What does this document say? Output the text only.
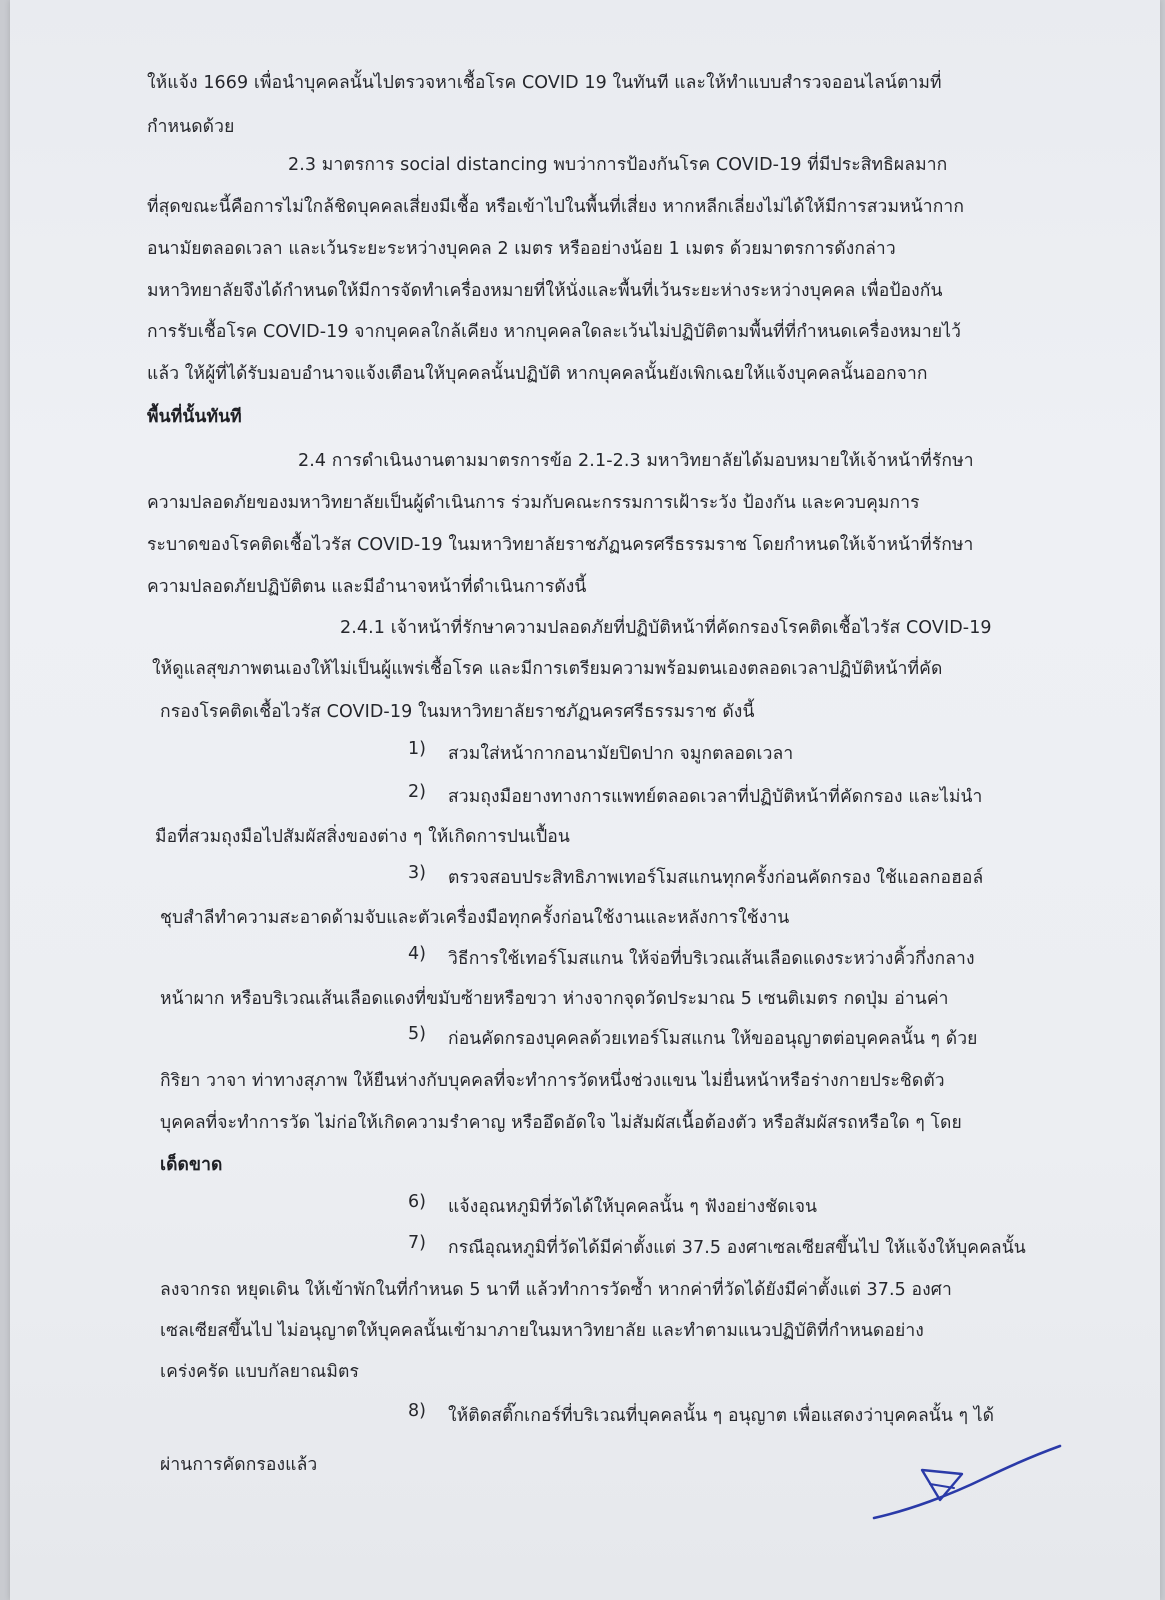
ให้แจ้ง 1669 เพื่อนำบุคคลนั้นไปตรวจหาเชื้อโรค COVID 19 ในทันที และให้ทำแบบสำรวจออนไลน์ตามที่

กำหนดด้วย

2.3 มาตรการ social distancing พบว่าการป้องกันโรค COVID-19 ที่มีประสิทธิผลมาก

ที่สุดขณะนี้คือการไม่ใกล้ชิดบุคคลเสี่ยงมีเชื้อ หรือเข้าไปในพื้นที่เสี่ยง หากหลีกเลี่ยงไม่ได้ให้มีการสวมหน้ากาก

อนามัยตลอดเวลา และเว้นระยะระหว่างบุคคล 2 เมตร หรืออย่างน้อย 1 เมตร ด้วยมาตรการดังกล่าว

มหาวิทยาลัยจึงได้กำหนดให้มีการจัดทำเครื่องหมายที่ให้นั่งและพื้นที่เว้นระยะห่างระหว่างบุคคล เพื่อป้องกัน

การรับเชื้อโรค COVID-19 จากบุคคลใกล้เคียง หากบุคคลใดละเว้นไม่ปฏิบัติตามพื้นที่ที่กำหนดเครื่องหมายไว้

แล้ว ให้ผู้ที่ได้รับมอบอำนาจแจ้งเตือนให้บุคคลนั้นปฏิบัติ หากบุคคลนั้นยังเพิกเฉยให้แจ้งบุคคลนั้นออกจาก

พื้นที่นั้นทันที

2.4 การดำเนินงานตามมาตรการข้อ 2.1-2.3 มหาวิทยาลัยได้มอบหมายให้เจ้าหน้าที่รักษา

ความปลอดภัยของมหาวิทยาลัยเป็นผู้ดำเนินการ ร่วมกับคณะกรรมการเฝ้าระวัง ป้องกัน และควบคุมการ

ระบาดของโรคติดเชื้อไวรัส COVID-19 ในมหาวิทยาลัยราชภัฏนครศรีธรรมราช โดยกำหนดให้เจ้าหน้าที่รักษา

ความปลอดภัยปฏิบัติตน และมีอำนาจหน้าที่ดำเนินการดังนี้

2.4.1 เจ้าหน้าที่รักษาความปลอดภัยที่ปฏิบัติหน้าที่คัดกรองโรคติดเชื้อไวรัส COVID-19

ให้ดูแลสุขภาพตนเองให้ไม่เป็นผู้แพร่เชื้อโรค และมีการเตรียมความพร้อมตนเองตลอดเวลาปฏิบัติหน้าที่คัด

กรองโรคติดเชื้อไวรัส COVID-19 ในมหาวิทยาลัยราชภัฏนครศรีธรรมราช ดังนี้

1) สวมใส่หน้ากากอนามัยปิดปาก จมูกตลอดเวลา

2) สวมถุงมือยางทางการแพทย์ตลอดเวลาที่ปฏิบัติหน้าที่คัดกรอง และไม่นำ

มือที่สวมถุงมือไปสัมผัสสิ่งของต่าง ๆ ให้เกิดการปนเปื้อน

3) ตรวจสอบประสิทธิภาพเทอร์โมสแกนทุกครั้งก่อนคัดกรอง ใช้แอลกอฮอล์

ชุบสำลีทำความสะอาดด้ามจับและตัวเครื่องมือทุกครั้งก่อนใช้งานและหลังการใช้งาน

4) วิธีการใช้เทอร์โมสแกน ให้จ่อที่บริเวณเส้นเลือดแดงระหว่างคิ้วกึ่งกลาง

หน้าผาก หรือบริเวณเส้นเลือดแดงที่ขมับซ้ายหรือขวา ห่างจากจุดวัดประมาณ 5 เซนติเมตร กดปุ่ม อ่านค่า

5) ก่อนคัดกรองบุคคลด้วยเทอร์โมสแกน ให้ขออนุญาตต่อบุคคลนั้น ๆ ด้วย

กิริยา วาจา ท่าทางสุภาพ ให้ยืนห่างกับบุคคลที่จะทำการวัดหนึ่งช่วงแขน ไม่ยื่นหน้าหรือร่างกายประชิดตัว

บุคคลที่จะทำการวัด ไม่ก่อให้เกิดความรำคาญ หรืออึดอัดใจ ไม่สัมผัสเนื้อต้องตัว หรือสัมผัสรถหรือใด ๆ โดย

เด็ดขาด

6) แจ้งอุณหภูมิที่วัดได้ให้บุคคลนั้น ๆ ฟังอย่างชัดเจน

7) กรณีอุณหภูมิที่วัดได้มีค่าตั้งแต่ 37.5 องศาเซลเซียสขึ้นไป ให้แจ้งให้บุคคลนั้น

ลงจากรถ หยุดเดิน ให้เข้าพักในที่กำหนด 5 นาที แล้วทำการวัดซ้ำ หากค่าที่วัดได้ยังมีค่าตั้งแต่ 37.5 องศา

เซลเซียสขึ้นไป ไม่อนุญาตให้บุคคลนั้นเข้ามาภายในมหาวิทยาลัย และทำตามแนวปฏิบัติที่กำหนดอย่าง

เคร่งครัด แบบกัลยาณมิตร

8) ให้ติดสติ๊กเกอร์ที่บริเวณที่บุคคลนั้น ๆ อนุญาต เพื่อแสดงว่าบุคคลนั้น ๆ ได้

ผ่านการคัดกรองแล้ว
